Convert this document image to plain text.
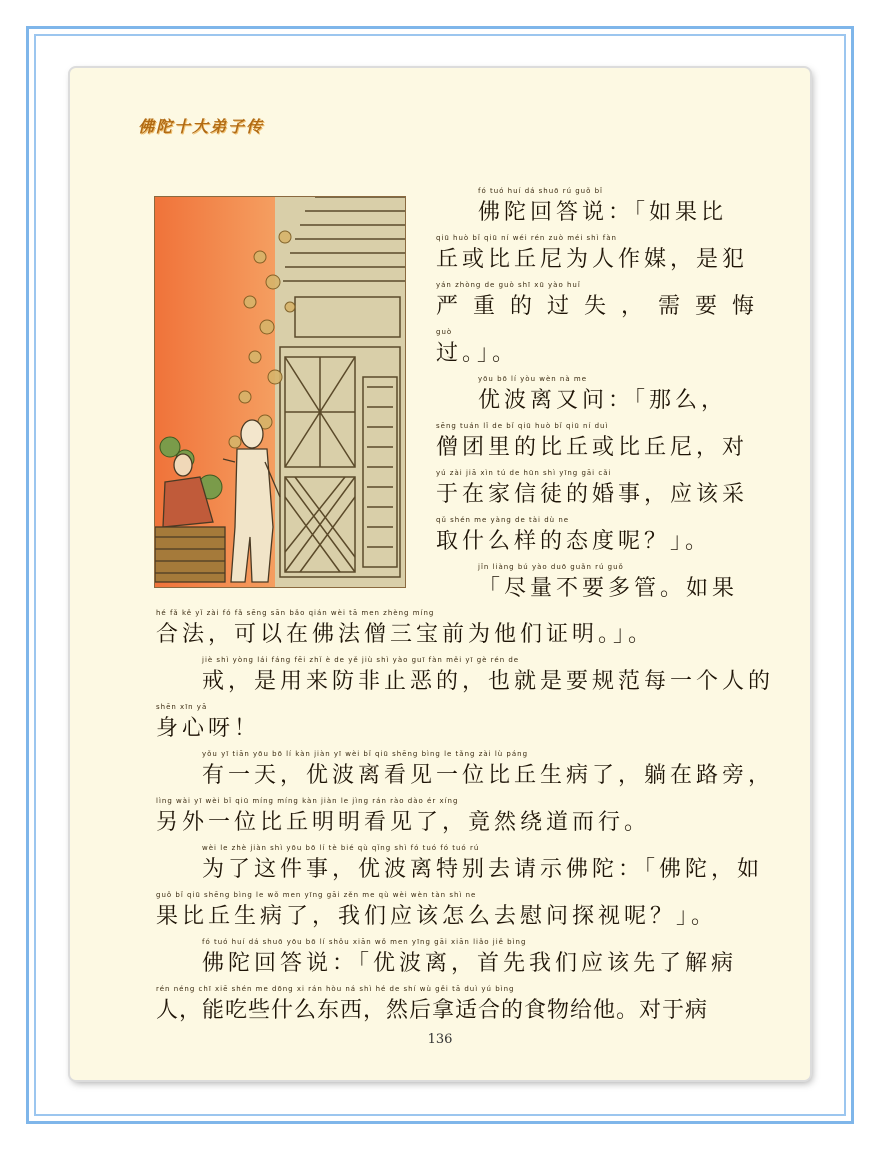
佛陀十大弟子传
fó tuó huí dá shuō rú guǒ bǐ
佛陀回答说：「如果比
qiū huò bǐ qiū ní wéi rén zuò méi shì fàn
丘或比丘尼为人作媒，是犯
yán zhòng de guò shī xū yào huǐ
严 重 的 过 失 ， 需 要 悔
guò
过。」。
yōu bō lí yòu wèn nà me
优波离又问：「那么，
sēng tuán lǐ de bǐ qiū huò bǐ qiū ní duì
僧团里的比丘或比丘尼，对
yú zài jiā xìn tú de hūn shì yīng gāi cǎi
于在家信徒的婚事，应该采
qǔ shén me yàng de tài dù ne
取什么样的态度呢？」。
jǐn liàng bú yào duō guǎn rú guǒ
「尽量不要多管。如果
hé fǎ kě yǐ zài fó fǎ sēng sān bǎo qián wèi tā men zhèng míng
合法，可以在佛法僧三宝前为他们证明。」。
jiè shì yòng lái fáng fēi zhǐ è de yě jiù shì yào guī fàn měi yī gè rén de
戒，是用来防非止恶的，也就是要规范每一个人的
shēn xīn yā
身心呀！
yǒu yī tiān yōu bō lí kàn jiàn yī wèi bǐ qiū shēng bìng le tǎng zài lù páng
有一天，优波离看见一位比丘生病了，躺在路旁，
lìng wài yī wèi bǐ qiū míng míng kàn jiàn le jìng rán rào dào ér xíng
另外一位比丘明明看见了，竟然绕道而行。
wèi le zhè jiàn shì yōu bō lí tè bié qù qǐng shì fó tuó fó tuó rú
为了这件事，优波离特别去请示佛陀：「佛陀，如
guǒ bǐ qiū shēng bìng le wǒ men yīng gāi zěn me qù wèi wèn tàn shì ne
果比丘生病了，我们应该怎么去慰问探视呢？」。
fó tuó huí dá shuō yōu bō lí shǒu xiān wǒ men yīng gāi xiān liǎo jiě bìng
佛陀回答说：「优波离，首先我们应该先了解病
rén néng chī xiē shén me dōng xi rán hòu ná shì hé de shí wù gěi tā duì yú bìng
人，能吃些什么东西，然后拿适合的食物给他。对于病
136
